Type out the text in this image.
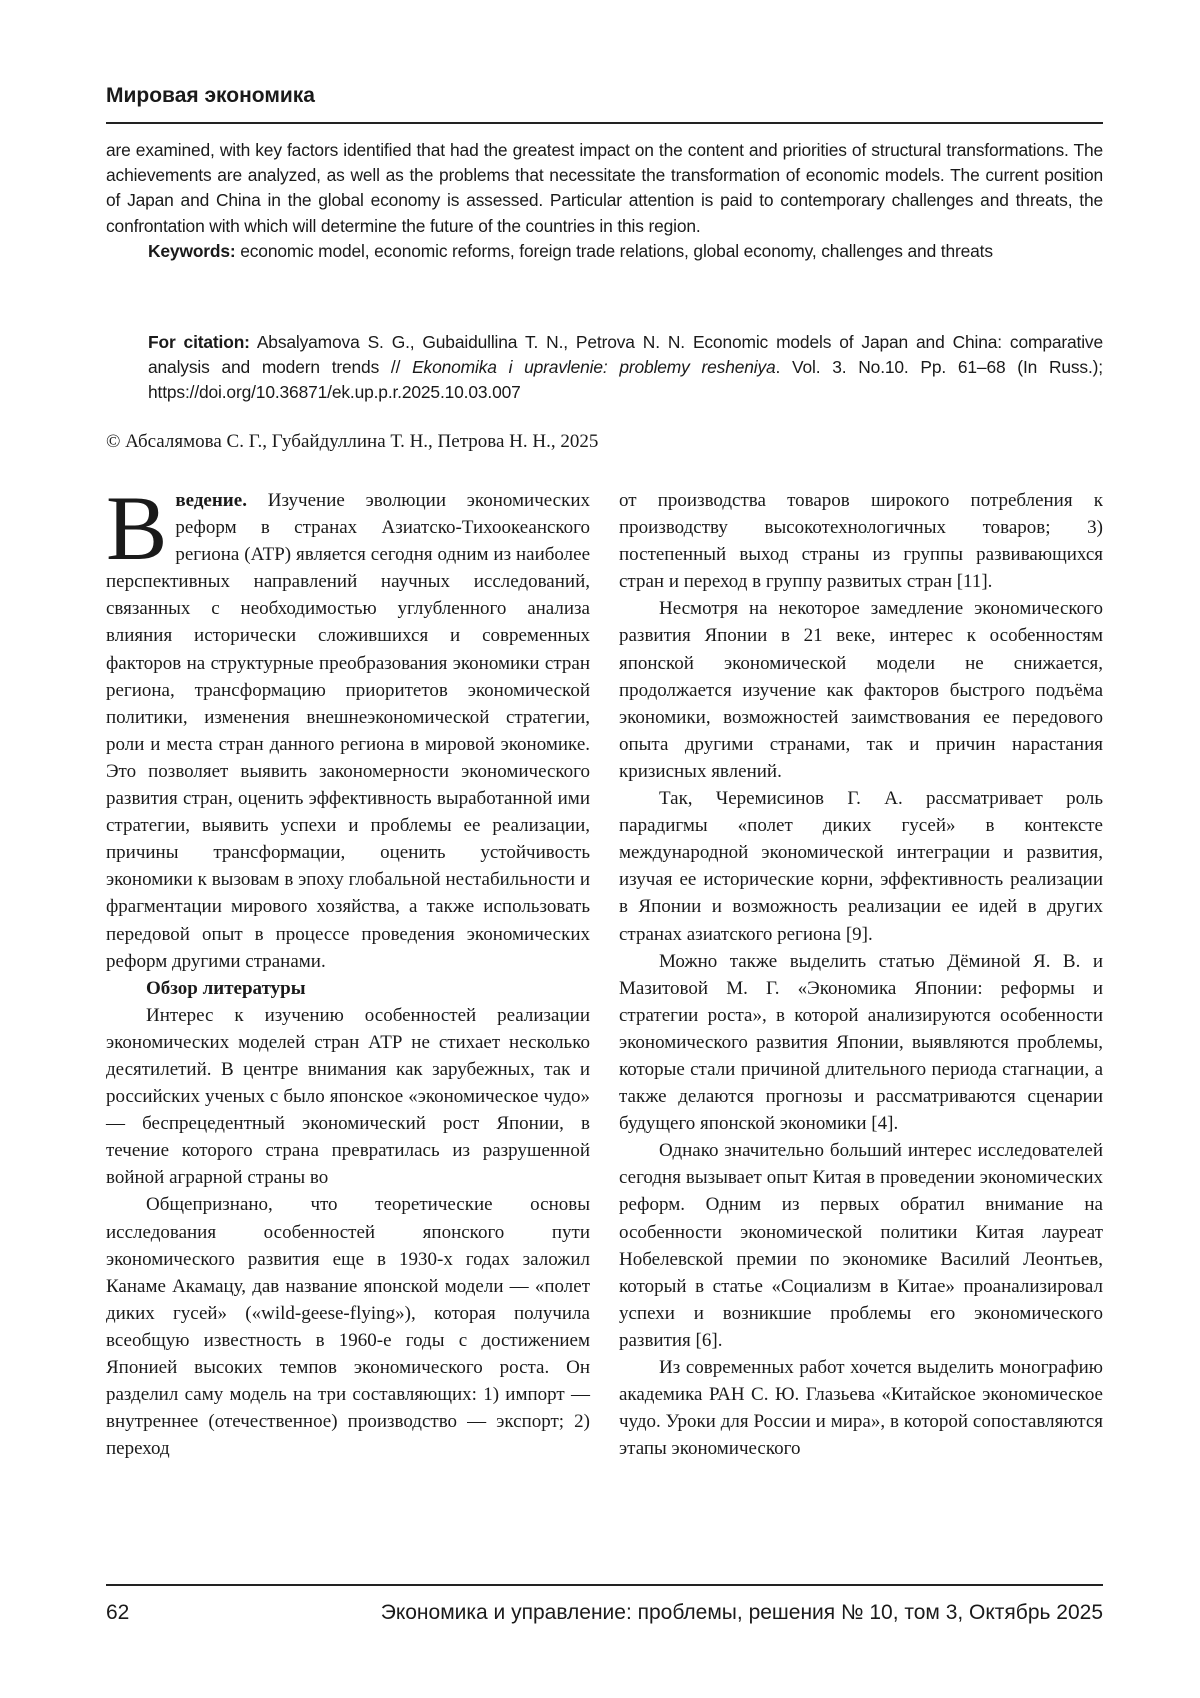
Мировая экономика

are examined, with key factors identified that had the greatest impact on the content and priorities of structural transformations. The achievements are analyzed, as well as the problems that necessitate the transformation of economic models. The current position of Japan and China in the global economy is assessed. Particular attention is paid to contemporary challenges and threats, the confrontation with which will determine the future of the countries in this region.

Keywords: economic model, economic reforms, foreign trade relations, global economy, challenges and threats

For citation: Absalyamova S. G., Gubaidullina T. N., Petrova N. N. Economic models of Japan and China: comparative analysis and modern trends // Ekonomika i upravlenie: problemy resheniya. Vol. 3. No.10. Pp. 61–68 (In Russ.); https://doi.org/10.36871/ek.up.p.r.2025.10.03.007
© Абсалямова С. Г., Губайдуллина Т. Н., Петрова Н. Н., 2025

Введение. Изучение эволюции экономических реформ в странах Азиатско-Тихоокеанского региона (АТР) является сегодня одним из наиболее перспективных направлений научных исследований, связанных с необходимостью углубленного анализа влияния исторически сложившихся и современных факторов на структурные преобразования экономики стран региона, трансформацию приоритетов экономической политики, изменения внешнеэкономической стратегии, роли и места стран данного региона в мировой экономике. Это позволяет выявить закономерности экономического развития стран, оценить эффективность выработанной ими стратегии, выявить успехи и проблемы ее реализации, причины трансформации, оценить устойчивость экономики к вызовам в эпоху глобальной нестабильности и фрагментации мирового хозяйства, а также использовать передовой опыт в процессе проведения экономических реформ другими странами.

Обзор литературы

Интерес к изучению особенностей реализации экономических моделей стран АТР не стихает несколько десятилетий. В центре внимания как зарубежных, так и российских ученых с было японское «экономическое чудо» — беспрецедентный экономический рост Японии, в течение которого страна превратилась из разрушенной войной аграрной страны во

Общепризнано, что теоретические основы исследования особенностей японского пути экономического развития еще в 1930-х годах заложил Канаме Акамацу, дав название японской модели — «полет диких гусей» («wild-geese-flying»), которая получила всеобщую известность в 1960-е годы с достижением Японией высоких темпов экономического роста. Он разделил саму модель на три составляющих: 1) импорт — внутреннее (отечественное) производство — экспорт; 2) переход

от производства товаров широкого потребления к производству высокотехнологичных товаров; 3) постепенный выход страны из группы развивающихся стран и переход в группу развитых стран [11].

Несмотря на некоторое замедление экономического развития Японии в 21 веке, интерес к особенностям японской экономической модели не снижается, продолжается изучение как факторов быстрого подъёма экономики, возможностей заимствования ее передового опыта другими странами, так и причин нарастания кризисных явлений.

Так, Черемисинов Г. А. рассматривает роль парадигмы «полет диких гусей» в контексте международной экономической интеграции и развития, изучая ее исторические корни, эффективность реализации в Японии и возможность реализации ее идей в других странах азиатского региона [9].

Можно также выделить статью Дёминой Я. В. и Мазитовой М. Г. «Экономика Японии: реформы и стратегии роста», в которой анализируются особенности экономического развития Японии, выявляются проблемы, которые стали причиной длительного периода стагнации, а также делаются прогнозы и рассматриваются сценарии будущего японской экономики [4].

Однако значительно больший интерес исследователей сегодня вызывает опыт Китая в проведении экономических реформ. Одним из первых обратил внимание на особенности экономической политики Китая лауреат Нобелевской премии по экономике Василий Леонтьев, который в статье «Социализм в Китае» проанализировал успехи и возникшие проблемы его экономического развития [6].

Из современных работ хочется выделить монографию академика РАН С. Ю. Глазьева «Китайское экономическое чудо. Уроки для России и мира», в которой сопоставляются этапы экономического

62	Экономика и управление: проблемы, решения № 10, том 3, Октябрь 2025
